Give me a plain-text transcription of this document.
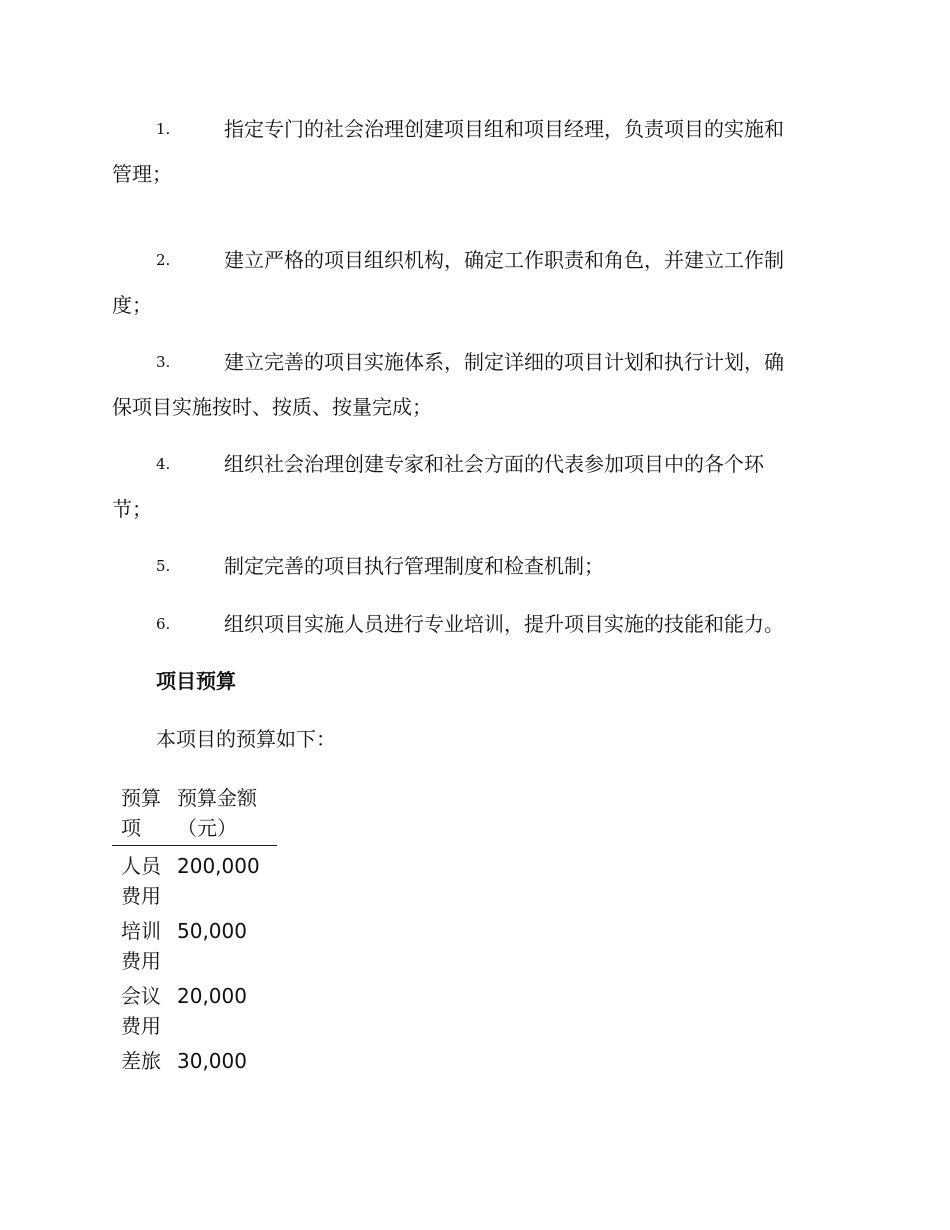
1.	指定专门的社会治理创建项目组和项目经理，负责项目的实施和
管理；
2.	建立严格的项目组织机构，确定工作职责和角色，并建立工作制
度；
3.	建立完善的项目实施体系，制定详细的项目计划和执行计划，确
保项目实施按时、按质、按量完成；
4.	组织社会治理创建专家和社会方面的代表参加项目中的各个环
节；
5.	制定完善的项目执行管理制度和检查机制；
6.	组织项目实施人员进行专业培训，提升项目实施的技能和能力。
项目预算
本项目的预算如下：
预算项	预算金额（元）
人员费用	200,000
培训费用	50,000
会议费用	20,000
差旅	30,000
